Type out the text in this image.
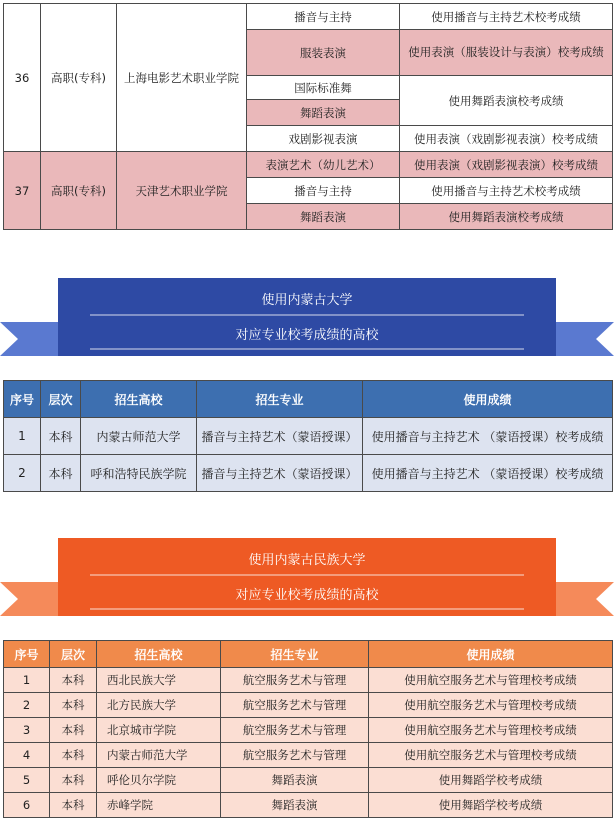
36	高职(专科)	上海电影艺术职业学院	播音与主持	使用播音与主持艺术校考成绩
			服装表演	使用表演（服装设计与表演）校考成绩
			国际标准舞	使用舞蹈表演校考成绩
			舞蹈表演	
			戏剧影视表演	使用表演（戏剧影视表演）校考成绩
37	高职(专科)	天津艺术职业学院	表演艺术（幼儿艺术）	使用表演（戏剧影视表演）校考成绩
			播音与主持	使用播音与主持艺术校考成绩
			舞蹈表演	使用舞蹈表演校考成绩
使用内蒙古大学
对应专业校考成绩的高校
序号	层次	招生高校	招生专业	使用成绩
1	本科	内蒙古师范大学	播音与主持艺术（蒙语授课）	使用播音与主持艺术 （蒙语授课）校考成绩
2	本科	呼和浩特民族学院	播音与主持艺术（蒙语授课）	使用播音与主持艺术 （蒙语授课）校考成绩
使用内蒙古民族大学
对应专业校考成绩的高校
序号	层次	招生高校	招生专业	使用成绩
1	本科	西北民族大学	航空服务艺术与管理	使用航空服务艺术与管理校考成绩
2	本科	北方民族大学	航空服务艺术与管理	使用航空服务艺术与管理校考成绩
3	本科	北京城市学院	航空服务艺术与管理	使用航空服务艺术与管理校考成绩
4	本科	内蒙古师范大学	航空服务艺术与管理	使用航空服务艺术与管理校考成绩
5	本科	呼伦贝尔学院	舞蹈表演	使用舞蹈学校考成绩
6	本科	赤峰学院	舞蹈表演	使用舞蹈学校考成绩
